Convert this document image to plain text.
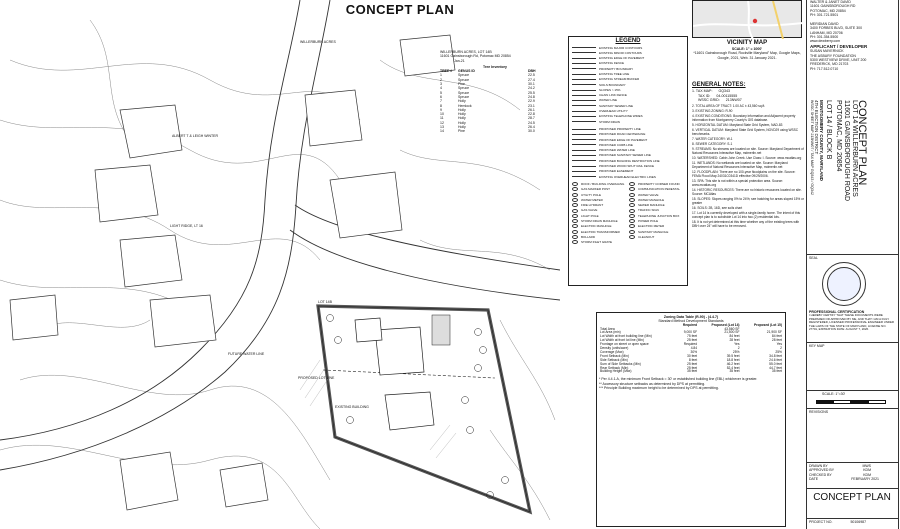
CONCEPT PLAN
LOT 14B
EXISTING BUILDING
FUTURE WATER LINE
PROPOSED LOT LINE
ALBERT T & LEIGH WINTER
LIGHT RIDGE, LT 16
WILLERBURN ACRES
WILLERBURN ACRES, LOT 14B
11601 Gainsborough Rd, Potomac MD 20854
Jan-21
Tree Inventory
TREE #	GENUS ID	DBH
1	Spruce	22.5
2	Spruce	27.4
3	Pine	30.1
4	Spruce	24.2
5	Spruce	25.5
6	Spruce	24.8
7	Holly	22.9
8	Hemlock	23.1
9	Holly	26.1
10	Holly	22.8
11	Holly	28.7
12	Holly	24.5
13	Holly	26.4
14	Pine	30.0
LEGEND
EXISTING MAJOR CONTOURS
EXISTING MINOR CONTOURS
EXISTING EDGE OF PAVEMENT
EXISTING FENCE
PROPERTY BOUNDARY
EXISTING TREE LINE
EXISTING STREAM BUFFER
SOILS BOUNDARY
SLOPES > 15%
CHAIN LINK FENCE
WATER LINE
SANITARY SEWER LINE
OVERHEAD UTILITY
EXISTING TELEPHONE WIRES
STORM DRAIN
PROPOSED PROPERTY LINE
PROPOSED ROAD CENTERLINE
PROPOSED EDGE OF PAVEMENT
PROPOSED CURB LINE
PROPOSED WATER LINE
PROPOSED SANITARY SEWER LINE
PROPOSED BUILDING RESTRICTION LINE
PROPOSED WOOD SPLIT RAIL FENCE
PROPOSED EASEMENT
EXISTING OVERHEAD ELECTRIC LINES
ROOF / BUILDING OVERHANG	PROPERTY CORNER FOUND
GAS MARKER POST	COMMUNICATION PEDESTAL
UTILITY POLE	WATER VALVE
WATER METER	WATER MANHOLE
FIRE HYDRANT	SEWER MANHOLE
GAS VALVE	TRAFFIC SIGN
LIGHT POLE	TELEPHONE JUNCTION BOX
STORM DRAIN MANHOLE	POWER POLE
ELECTRIC MANHOLE	ELECTRIC METER
ELECTRIC TRANSFORMER	SANITARY MANHOLE
BOLLARD	CLEANOUT
STORM INLET GRATE
VICINITY MAP
SCALE: 1" = 1000'
*11601 Gainsborough Road, Rockville Maryland" Map, Google Maps, Google, 2021, Web. 31 January 2021.
GENERAL NOTES:
1. TAX MAP: GQ343
TAX ID: 04-00115555
WSSC GRID: 213NW07
2. TOTAL AREA OF TRACT: 1.00 AC ± 43,560 sq.ft.
3. EXISTING ZONING: R-90
4. EXISTING CONDITIONS: Boundary information and Adjacent property information from Montgomery County's GIS database.
5. HORIZONTAL DATUM: Maryland State Grid System, NAD-83
6. VERTICAL DATUM: Maryland State Grid System, NGVD29 using WSSC benchmarks.
7. WATER CATEGORY: W-1
8. SEWER CATEGORY: S-1
9. STREAMS: No streams are located on site. Source: Maryland Department of Natural Resources Interactive Map, mdmerlin.net
10. WATERSHED: Cabin John Creek. Use Class: I. Source: www.mcatlas.org
11. WETLANDS: No wetlands are located on site. Source: Maryland Department of Natural Resources Interactive Map, mdmerlin.net
12. FLOODPLAIN: There are no 100-year floodplains on the site. Source: FEMA Flood Map 24031C0341D effective 09/29/2006.
13. SPA: This site is not within a special protection area. Source: www.mcatlas.org
14. HISTORIC RESOURCES: There are no historic resources located on site. Source: MCAtlas
15. SLOPES: Slopes ranging 0% to 24%; see hatching for areas sloped 15% or greater
16. SOILS: 2B, 16D, see soils chart
17. Lot 14 is currently developed with a single-family home. The intent of this concept plan is to subdivide Lot 14 into two (2) residential lots.
18. It is not yet determined at this time whether any of the existing trees with DBH over 24" will have to be removed.
Zoning Data Table (R-90) - (4.4.7)
Standard Method Development Standards
	Required	Proposed (Lot 14)	Proposed (Lot 15)
Total Area		43,560 SF	
Lot Area (min)	9,000 SF	21,500 SF	21,900 SF
Lot Width at front building line (Min)	75 feet	84 feet	84 feet
Lot Width at front lot line (Min)	25 feet	28 feet	28 feet
Frontage on street or open space	Required	Yes	Yes
Density (units/acre)	4.84	2	2
Coverage (Max)	30%	25%	25%
Front Setback (Min)	30 feet	39.5 feet	34.8 feet
Side Setback (Min)	8 feet	18.8 feet	24.6 feet
Sum of Side Setbacks (Min)	25 feet	46.2 feet	55.0 feet
Rear Setback (Min)	25 feet	52.4 feet	44.7 feet
Building Height (Max)	35 feet	35 feet	35 feet
* Per 4.4.1.A, the minimum Front Setback = 30' or established building line (EBL) whichever is greater.
** Accessory structure setbacks as determined by DPS at permitting.
*** Principle Building maximum height to be determined by DPS at permitting.
WALTER & JANET DAVID
11601 GAINSBOROUGH RD
POTOMAC, MD 20854
PH: 301.721.5501
MERIDIAN DAVID
3400 FORBES BLVD, SUITE 300
LANHAM, MD 20706
PH: 301.354.5500
www.dewberry.com
APPLICANT / DEVELOPER
SUSAN MAYERNICK
THE ASBURY FOUNDATION
5300 WESTVIEW DRIVE, UNIT 200
FREDERICK, MD 21703
PH: 717.512.0710
CONCEPT PLAN
LOT 14 WILLERBURN ACRES
11601 GAINSBOROUGH ROAD
POTOMAC, MD 20854
LOT 14 / BLOCK B
MONTGOMERY COUNTY, MARYLAND
4TH ELECTION DISTRICT
WSSC SHEET MAP 213NW07 / TAX MAP GQ343 / GQ342
SEAL
PROFESSIONAL CERTIFICATION
I HEREBY CERTIFY THAT THESE DOCUMENTS WERE PREPARED OR APPROVED BY ME, AND THAT I AM A DULY REGISTERED, LICENSED PROFESSIONAL ENGINEER UNDER THE LAWS OF THE STATE OF MARYLAND, LICENSE NO. 27701, EXPIRATION DATE: AUGUST 7, 2026.
KEY MAP
SCALE: 1"=30'
REVISIONS
DRAWN BY	MWS
APPROVED BY	KDM
CHECKED BY	KDM
DATE	FEBRUARY 2021
CONCEPT PLAN
PROJECT NO.	50106987
